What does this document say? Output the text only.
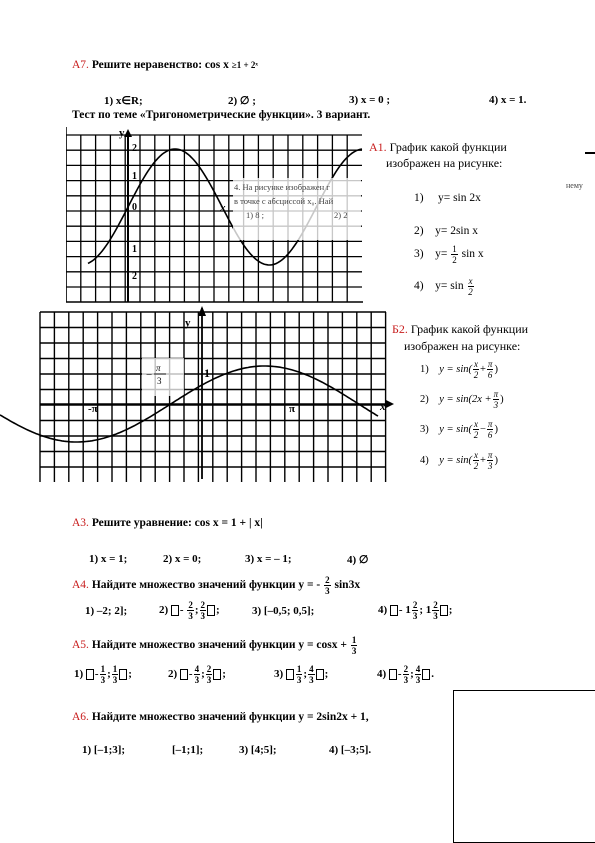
А7. Решите неравенство: cos x ≥1 + 2ˣ
1) x∈R;	2) ∅ ;	3) x = 0 ;	4) x = 1.
Тест по теме «Тригонометрические функции». 3 вариант.
4. На рисунке изображен г
в точке с абсциссой x₀. Най
1) 8 ;	2) 2
y
2
1
0
1
2
x
А1. График какой функции
изображен на рисунке:
нему
1) y= sin 2x
2) y= 2sin x
3) $y= \frac{1}{2}$ sin x
4) $y= \sin \frac{x}{2}$
y
x
1
-π	π
−
π
3
Б2. График какой функции
изображен на рисунке:
1) $y = \sin( \frac{x}{2} + \frac{\pi}{6}$ )
2) $y = \sin(2x + \frac{\pi}{3}$ )
3) $y = \sin( \frac{x}{2} - \frac{\pi}{6}$ )
4) $y = \sin( \frac{x}{2} + \frac{\pi}{3}$ )
А3. Решите уравнение: cos x = 1 + | x|
1) x = 1;	2) x = 0;	3) x = – 1;	4) ∅
А4. Найдите множество значений функции y = - $\frac{2}{3} \sin 3x$
1) –2; 2];	$2) - \frac{2}{3}$ ; $\frac{2}{3}$ ;	3) [–0,5; 0,5];	$4) - 1 \frac{2}{3}$ ; $1 \frac{2}{3}$ ;
А5. Найдите множество значений функции $y = \cos x + \frac{1}{3}$
$1) - \frac{1}{3}$ ; $\frac{1}{3}$ ;	$2) - \frac{4}{3}$ ; $\frac{2}{3}$ ;	$3) \frac{1}{3}$ ; $\frac{4}{3}$ ;	$4) - \frac{2}{3}$ ; $\frac{4}{3}$ .
А6. Найдите множество значений функции y = 2sin2x + 1,
1) [–1;3];	[–1;1];	3) [4;5];	4) [–3;5].
